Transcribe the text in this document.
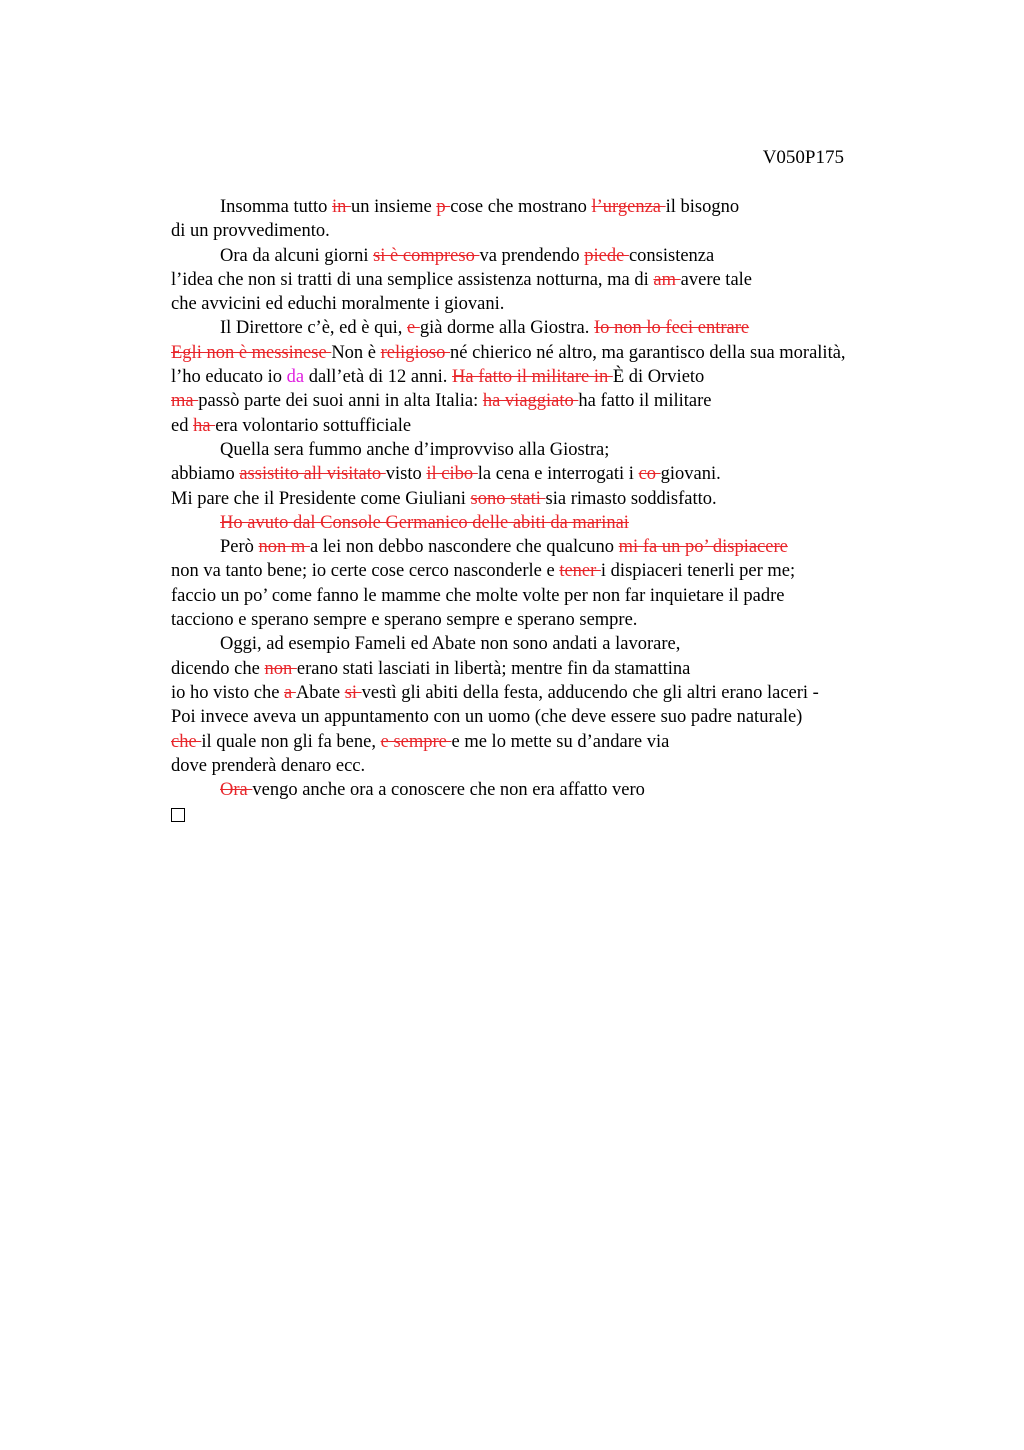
V050P175
Insomma tutto in un insieme p cose che mostrano l’urgenza il bisogno
di un provvedimento.
Ora da alcuni giorni si è compreso va prendendo piede consistenza
l’idea che non si tratti di una semplice assistenza notturna, ma di am avere tale
che avvicini ed educhi moralmente i giovani.
Il Direttore c’è, ed è qui, e già dorme alla Giostra. Io non lo feci entrare
Egli non è messinese Non è religioso né chierico né altro, ma garantisco della sua moralità,
l’ho educato io da dall’età di 12 anni. Ha fatto il militare in È di Orvieto
ma passò parte dei suoi anni in alta Italia: ha viaggiato ha fatto il militare
ed ha era volontario sottufficiale
Quella sera fummo anche d’improvviso alla Giostra;
abbiamo assistito all visitato visto il cibo la cena e interrogati i co giovani.
Mi pare che il Presidente come Giuliani sono stati sia rimasto soddisfatto.
Ho avuto dal Console Germanico delle abiti da marinai
Però non m a lei non debbo nascondere che qualcuno mi fa un po’ dispiacere
non va tanto bene; io certe cose cerco nasconderle e tener i dispiaceri tenerli per me;
faccio un po’ come fanno le mamme che molte volte per non far inquietare il padre
tacciono e sperano sempre e sperano sempre e sperano sempre.
Oggi, ad esempio Fameli ed Abate non sono andati a lavorare,
dicendo che non erano stati lasciati in libertà; mentre fin da stamattina
io ho visto che a Abate si vestì gli abiti della festa, adducendo che gli altri erano laceri -
Poi invece aveva un appuntamento con un uomo (che deve essere suo padre naturale)
che il quale non gli fa bene, e sempre e me lo mette su d’andare via
dove prenderà denaro ecc.
Ora vengo anche ora a conoscere che non era affatto vero
